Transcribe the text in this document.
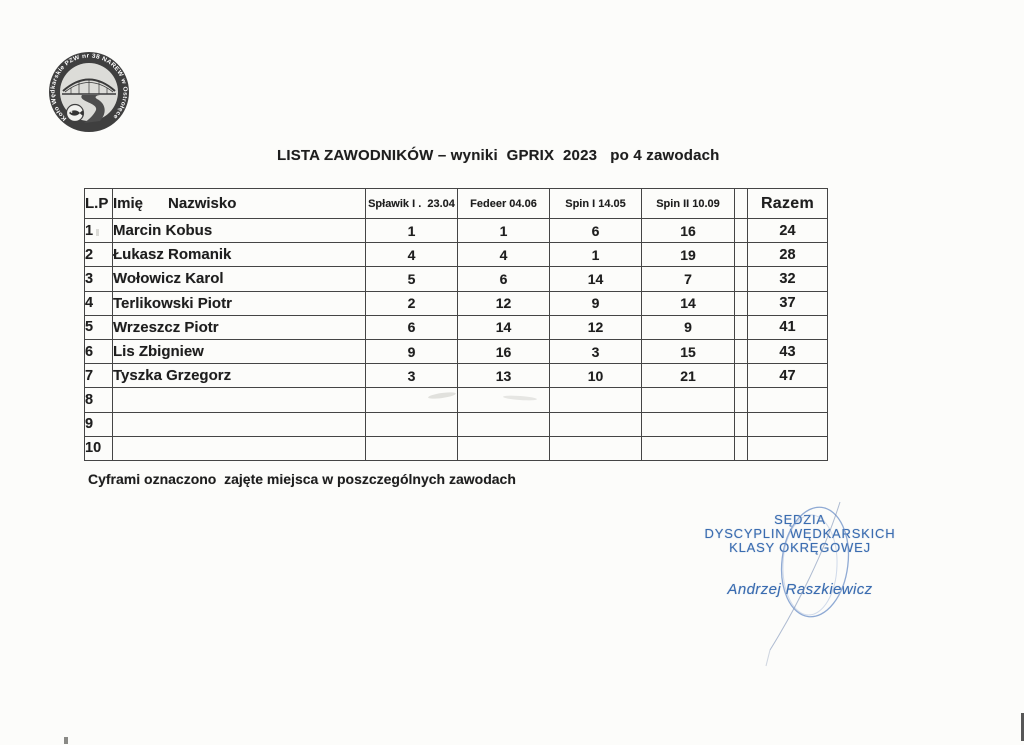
Koło Wędkarskie PZW nr 38 NAREW w Ostrołęce
LISTA ZAWODNIKÓW – wyniki  GPRIX  2023   po 4 zawodach
L.P	Imię      Nazwisko	Spławik I .  23.04	Fedeer 04.06	Spin I 14.05	Spin II 10.09		Razem
1	Marcin Kobus	1	1	6	16		24
2	Łukasz Romanik	4	4	1	19		28
3	Wołowicz Karol	5	6	14	7		32
4	Terlikowski Piotr	2	12	9	14		37
5	Wrzeszcz Piotr	6	14	12	9		41
6	Lis Zbigniew	9	16	3	15		43
7	Tyszka Grzegorz	3	13	10	21		47
8							
9							
10							
Cyframi oznaczono  zajęte miejsca w poszczególnych zawodach
SĘDZIA
DYSCYPLIN WĘDKARSKICH
KLASY OKRĘGOWEJ
Andrzej Raszkiewicz
